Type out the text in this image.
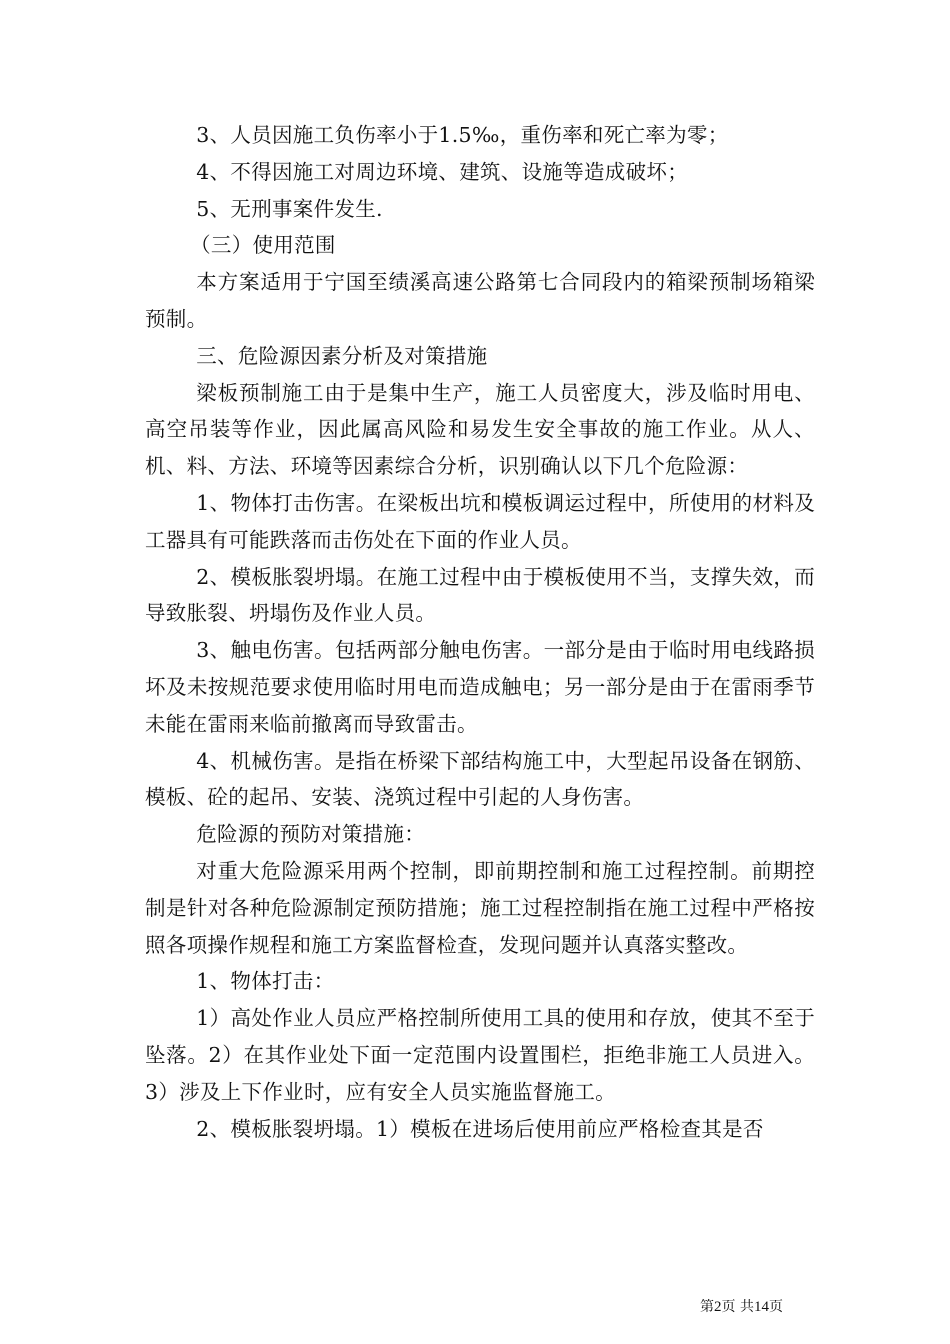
3、人员因施工负伤率小于1.5‰，重伤率和死亡率为零；

4、不得因施工对周边环境、建筑、设施等造成破坏；

5、无刑事案件发生.

（三）使用范围

本方案适用于宁国至绩溪高速公路第七合同段内的箱梁预制场箱梁预制。

三、危险源因素分析及对策措施

梁板预制施工由于是集中生产，施工人员密度大，涉及临时用电、高空吊装等作业，因此属高风险和易发生安全事故的施工作业。从人、机、料、方法、环境等因素综合分析，识别确认以下几个危险源：

1、物体打击伤害。在梁板出坑和模板调运过程中，所使用的材料及工器具有可能跌落而击伤处在下面的作业人员。

2、模板胀裂坍塌。在施工过程中由于模板使用不当，支撑失效，而导致胀裂、坍塌伤及作业人员。

3、触电伤害。包括两部分触电伤害。一部分是由于临时用电线路损坏及未按规范要求使用临时用电而造成触电；另一部分是由于在雷雨季节未能在雷雨来临前撤离而导致雷击。

4、机械伤害。是指在桥梁下部结构施工中，大型起吊设备在钢筋、模板、砼的起吊、安装、浇筑过程中引起的人身伤害。

危险源的预防对策措施：

对重大危险源采用两个控制，即前期控制和施工过程控制。前期控制是针对各种危险源制定预防措施；施工过程控制指在施工过程中严格按照各项操作规程和施工方案监督检查，发现问题并认真落实整改。

1、物体打击：

1）高处作业人员应严格控制所使用工具的使用和存放，使其不至于坠落。2）在其作业处下面一定范围内设置围栏，拒绝非施工人员进入。3）涉及上下作业时，应有安全人员实施监督施工。

2、模板胀裂坍塌。1）模板在进场后使用前应严格检查其是否

第2页 共14页
